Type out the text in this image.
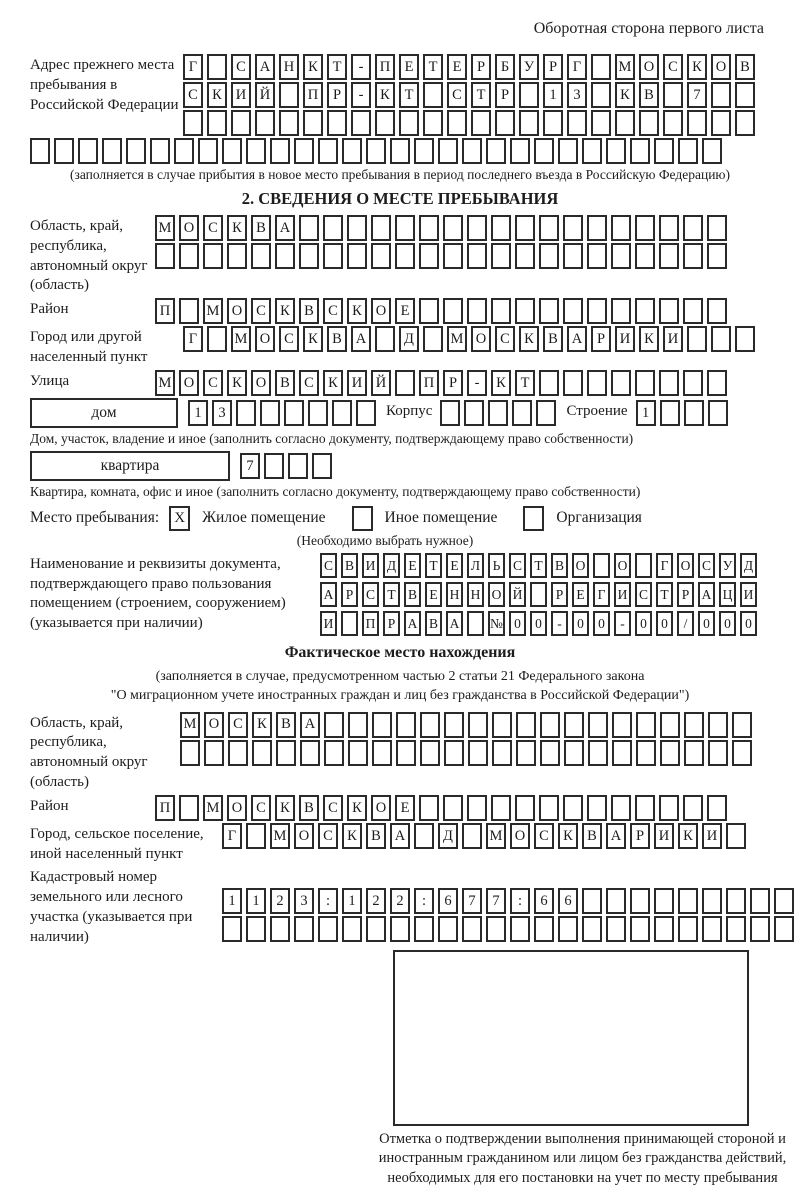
Оборотная сторона первого листа
Адрес прежнего места пребывания в Российской Федерации
Г	С А Н К	Т	-	П Е	Т	Е	Р	Б	У	Р	Г	М О С К О В
С К И Й	П	Р	-	К	Т	С	Т	Р	1	3	К В	7
(заполняется в случае прибытия в новое место пребывания в период последнего въезда в Российскую Федерацию)
2. СВЕДЕНИЯ О МЕСТЕ ПРЕБЫВАНИЯ
Область, край, республика, автономный округ (область)
М О С К В А
Район	П	М О С К В С К О Е
Город или другой населенный пункт
Г	М О С К В А	Д	М О С К В А	Р	И К И
Улица	М О С К О В С К И Й	П	Р	-	К	Т
дом	1	3	Корпус	Строение 1
Дом, участок, владение и иное (заполнить согласно документу, подтверждающему право собственности)
квартира	7
Квартира, комната, офис и иное (заполнить согласно документу, подтверждающему право собственности)
Место пребывания:	X	Жилое помещение	Иное помещение	Организация
(Необходимо выбрать нужное)
Наименование и реквизиты документа, подтверждающего право пользования помещением (строением, сооружением) (указывается при наличии)
С В И Д Е Т Е Л Ь С Т В О О	Г О С У Д
А Р С Т В Е Н Н О Й	Р Е Г И С Т Р А Ц И
И П Р А В А № 0	0	-	0	0	-	0	0	/	0	0	0
Фактическое место нахождения
(заполняется в случае, предусмотренном частью 2 статьи 21 Федерального закона
"О миграционном учете иностранных граждан и лиц без гражданства в Российской Федерации")
Область, край, республика, автономный округ (область)
М О С К В А
Район	П	М О С К В С К О Е
Город, сельское поселение, иной населенный пункт
Г	М О С К В А	Д	М О С К В А	Р	И К И
Кадастровый номер земельного или лесного участка (указывается при наличии)
1	1	2	3	:	1	2	2	:	6	7	7	:	6	6
Отметка о подтверждении выполнения принимающей стороной и иностранным гражданином или лицом без гражданства действий, необходимых для его постановки на учет по месту пребывания
